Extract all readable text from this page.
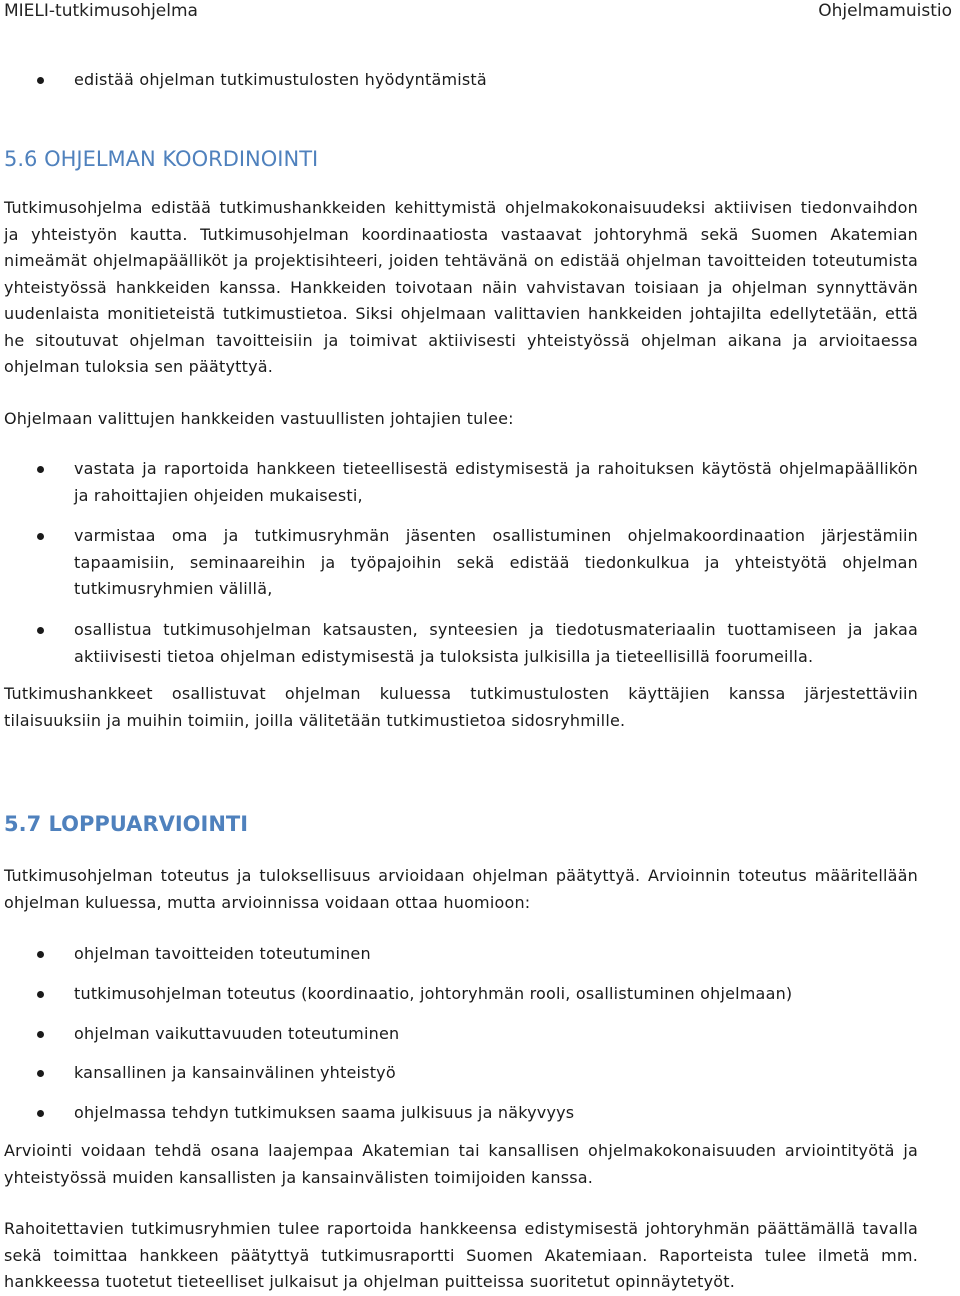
MIELI-tutkimusohjelma	Ohjelmamuistio
edistää ohjelman tutkimustulosten hyödyntämistä
5.6 OHJELMAN KOORDINOINTI

Tutkimusohjelma edistää tutkimushankkeiden kehittymistä ohjelmakokonaisuudeksi aktiivisen tiedonvaihdon ja yhteistyön kautta. Tutkimusohjelman koordinaatiosta vastaavat johtoryhmä sekä Suomen Akatemian nimeämät ohjelmapäälliköt ja projektisihteeri, joiden tehtävänä on edistää ohjelman tavoitteiden toteutumista yhteistyössä hankkeiden kanssa. Hankkeiden toivotaan näin vahvistavan toisiaan ja ohjelman synnyttävän uudenlaista monitieteistä tutkimustietoa. Siksi ohjelmaan valittavien hankkeiden johtajilta edellytetään, että he sitoutuvat ohjelman tavoitteisiin ja toimivat aktiivisesti yhteistyössä ohjelman aikana ja arvioitaessa ohjelman tuloksia sen päätyttyä.

Ohjelmaan valittujen hankkeiden vastuullisten johtajien tulee:

vastata ja raportoida hankkeen tieteellisestä edistymisestä ja rahoituksen käytöstä ohjelmapäällikön ja rahoittajien ohjeiden mukaisesti,
varmistaa oma ja tutkimusryhmän jäsenten osallistuminen ohjelmakoordinaation järjestämiin tapaamisiin, seminaareihin ja työpajoihin sekä edistää tiedonkulkua ja yhteistyötä ohjelman tutkimusryhmien välillä,
osallistua tutkimusohjelman katsausten, synteesien ja tiedotusmateriaalin tuottamiseen ja jakaa aktiivisesti tietoa ohjelman edistymisestä ja tuloksista julkisilla ja tieteellisillä foorumeilla.

Tutkimushankkeet osallistuvat ohjelman kuluessa tutkimustulosten käyttäjien kanssa järjestettäviin tilaisuuksiin ja muihin toimiin, joilla välitetään tutkimustietoa sidosryhmille.

5.7 LOPPUARVIOINTI

Tutkimusohjelman toteutus ja tuloksellisuus arvioidaan ohjelman päätyttyä. Arvioinnin toteutus määritellään ohjelman kuluessa, mutta arvioinnissa voidaan ottaa huomioon:

ohjelman tavoitteiden toteutuminen
tutkimusohjelman toteutus (koordinaatio, johtoryhmän rooli, osallistuminen ohjelmaan)
ohjelman vaikuttavuuden toteutuminen
kansallinen ja kansainvälinen yhteistyö
ohjelmassa tehdyn tutkimuksen saama julkisuus ja näkyvyys

Arviointi voidaan tehdä osana laajempaa Akatemian tai kansallisen ohjelmakokonaisuuden arviointityötä ja yhteistyössä muiden kansallisten ja kansainvälisten toimijoiden kanssa.

Rahoitettavien tutkimusryhmien tulee raportoida hankkeensa edistymisestä johtoryhmän päättämällä tavalla sekä toimittaa hankkeen päätyttyä tutkimusraportti Suomen Akatemiaan. Raporteista tulee ilmetä mm. hankkeessa tuotetut tieteelliset julkaisut ja ohjelman puitteissa suoritetut opinnäytetyöt.
